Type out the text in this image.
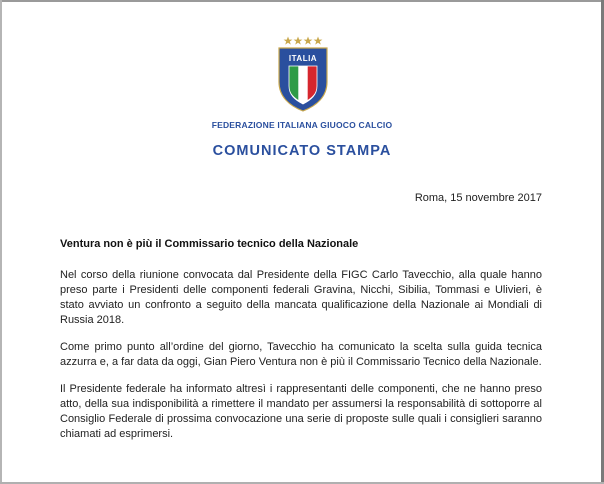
ITALIA
FEDERAZIONE ITALIANA GIUOCO CALCIO
COMUNICATO STAMPA
Roma, 15 novembre 2017
Ventura non è più il Commissario tecnico della Nazionale

Nel corso della riunione convocata dal Presidente della FIGC Carlo Tavecchio, alla quale hanno preso parte i Presidenti delle componenti federali Gravina, Nicchi, Sibilia, Tommasi e Ulivieri, è stato avviato un confronto a seguito della mancata qualificazione della Nazionale ai Mondiali di Russia 2018.

Come primo punto all’ordine del giorno, Tavecchio ha comunicato la scelta sulla guida tecnica azzurra e, a far data da oggi, Gian Piero Ventura non è più il Commissario Tecnico della Nazionale.

Il Presidente federale ha informato altresì i rappresentanti delle componenti, che ne hanno preso atto, della sua indisponibilità a rimettere il mandato per assumersi la responsabilità di sottoporre al Consiglio Federale di prossima convocazione una serie di proposte sulle quali i consiglieri saranno chiamati ad esprimersi.
